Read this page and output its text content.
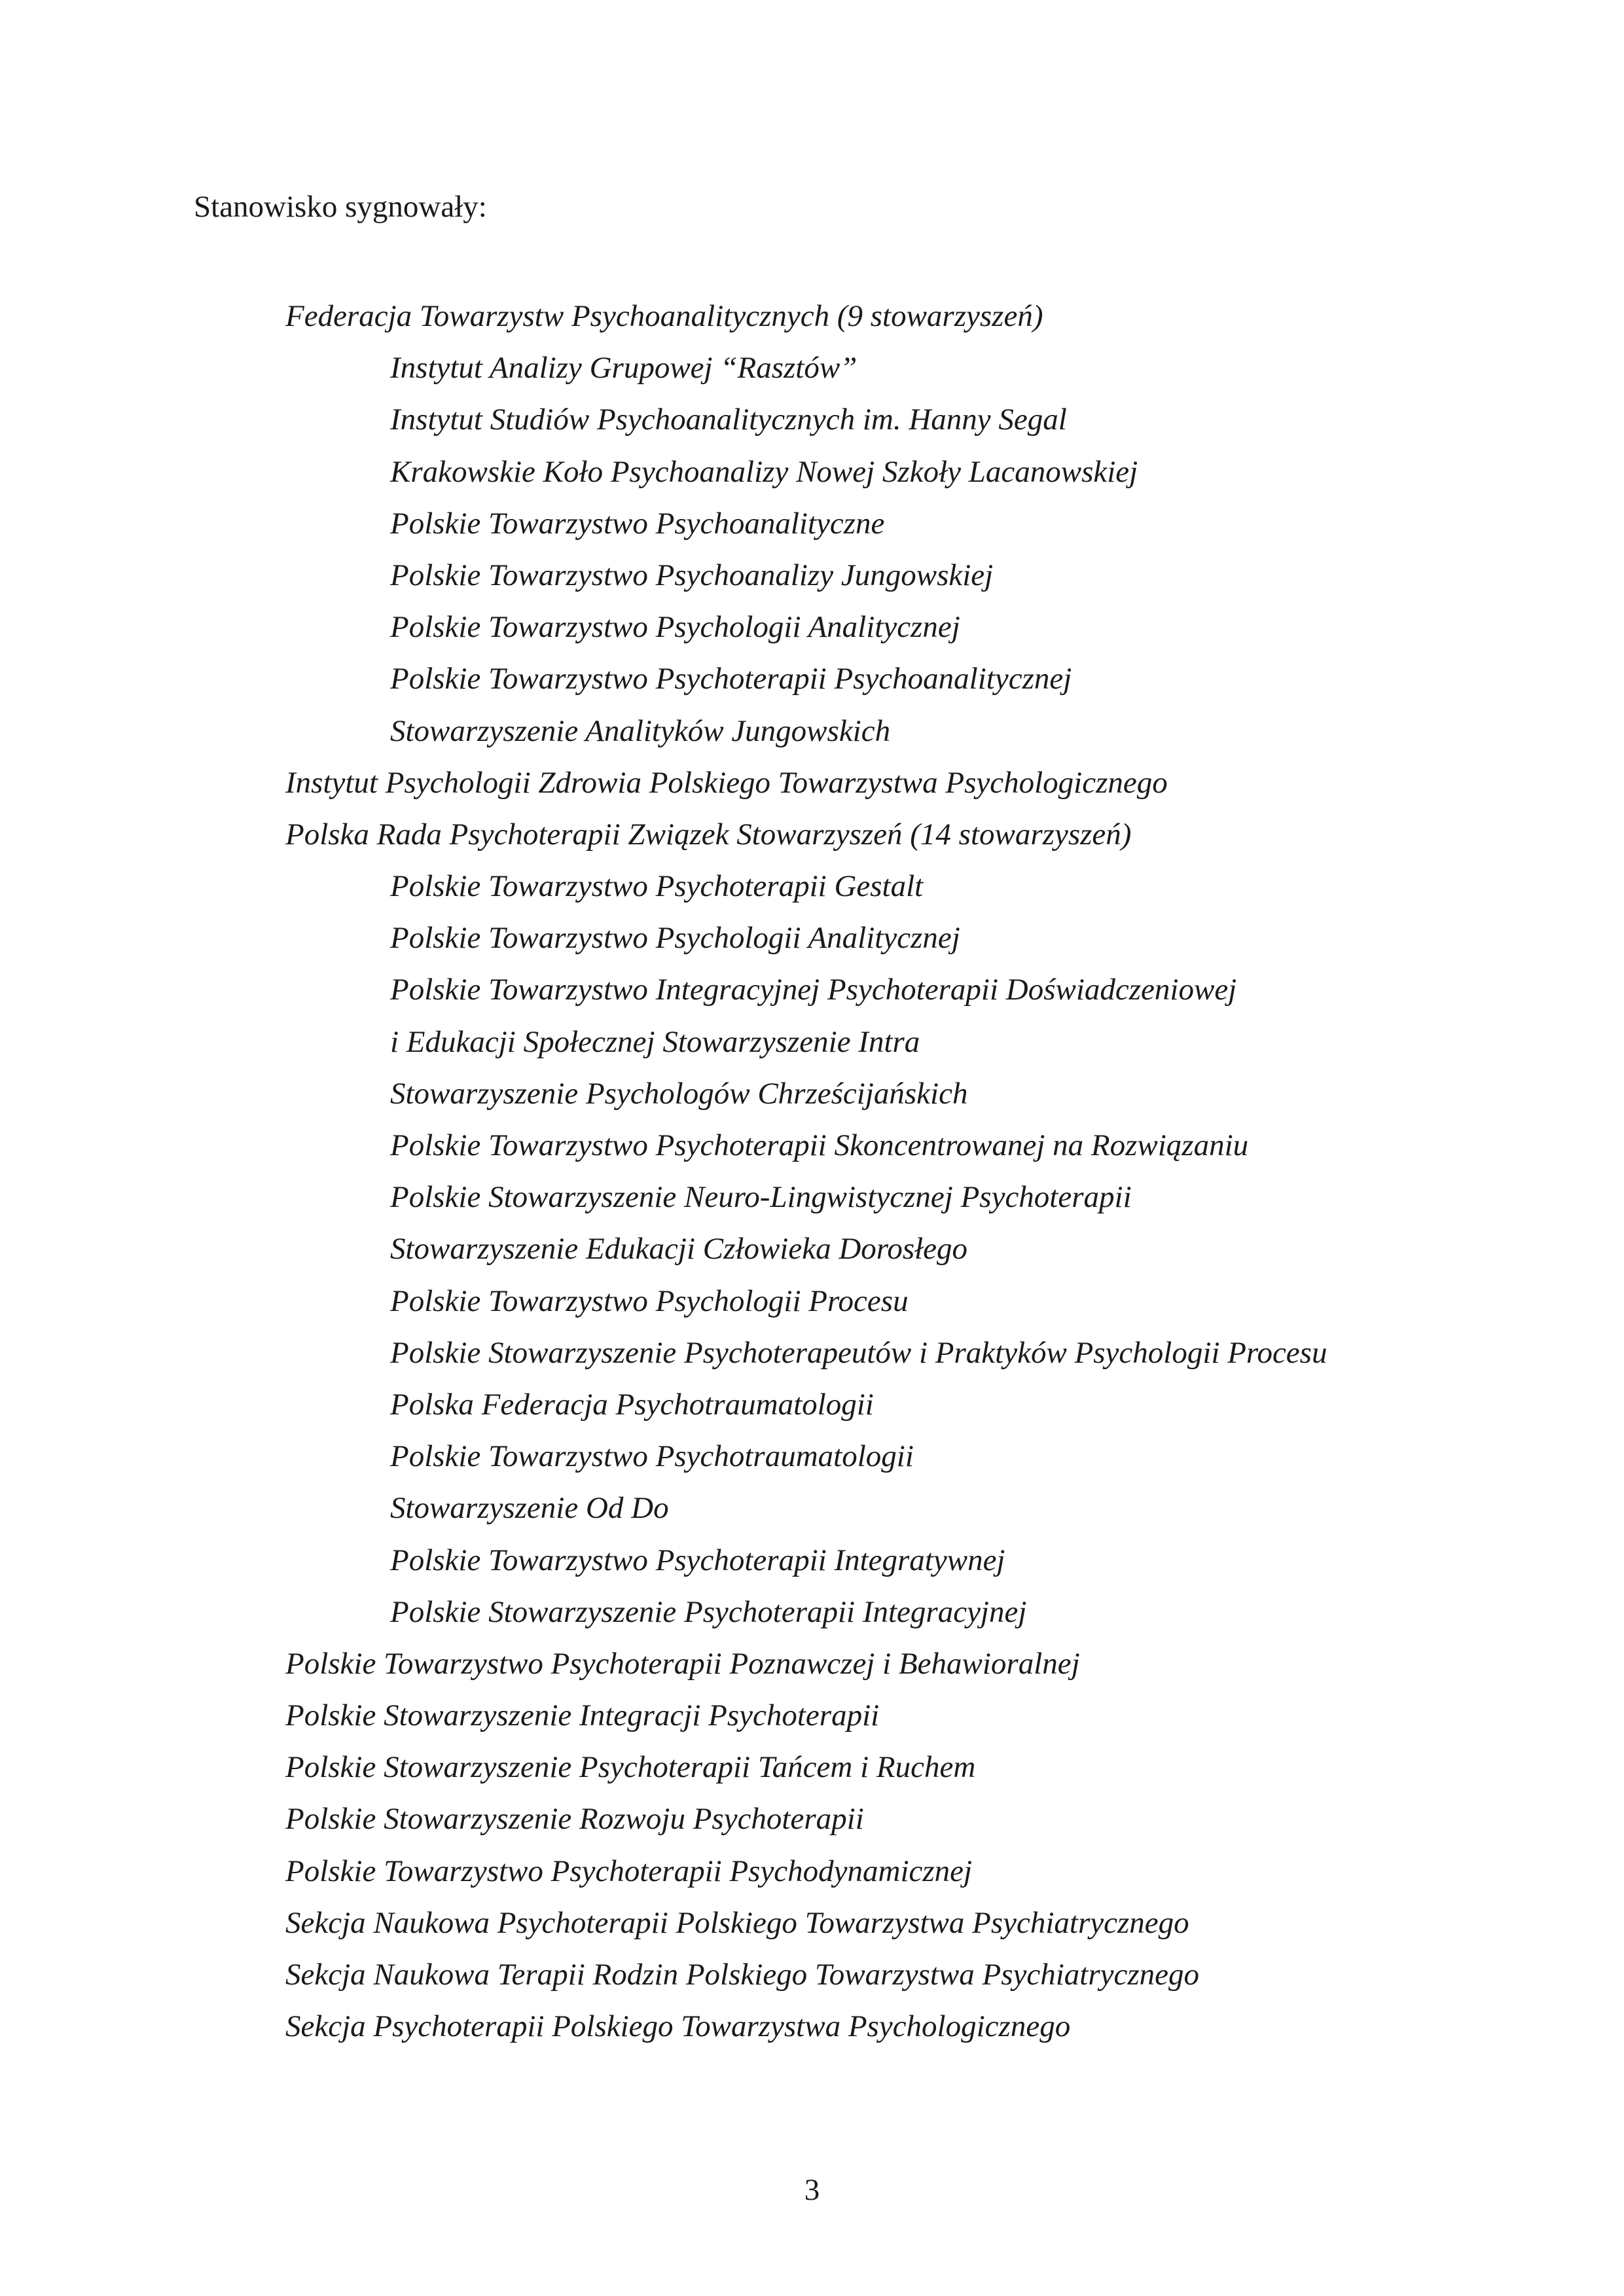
Stanowisko sygnowały:
Federacja Towarzystw Psychoanalitycznych (9 stowarzyszeń)
Instytut Analizy Grupowej “Rasztów”
Instytut Studiów Psychoanalitycznych im. Hanny Segal
Krakowskie Koło Psychoanalizy Nowej Szkoły Lacanowskiej
Polskie Towarzystwo Psychoanalityczne
Polskie Towarzystwo Psychoanalizy Jungowskiej
Polskie Towarzystwo Psychologii Analitycznej
Polskie Towarzystwo Psychoterapii Psychoanalitycznej
Stowarzyszenie Analityków Jungowskich
Instytut Psychologii Zdrowia Polskiego Towarzystwa Psychologicznego
Polska Rada Psychoterapii Związek Stowarzyszeń (14 stowarzyszeń)
Polskie Towarzystwo Psychoterapii Gestalt
Polskie Towarzystwo Psychologii Analitycznej
Polskie Towarzystwo Integracyjnej Psychoterapii Doświadczeniowej
i Edukacji Społecznej Stowarzyszenie Intra
Stowarzyszenie Psychologów Chrześcijańskich
Polskie Towarzystwo Psychoterapii Skoncentrowanej na Rozwiązaniu
Polskie Stowarzyszenie Neuro-Lingwistycznej Psychoterapii
Stowarzyszenie Edukacji Człowieka Dorosłego
Polskie Towarzystwo Psychologii Procesu
Polskie Stowarzyszenie Psychoterapeutów i Praktyków Psychologii Procesu
Polska Federacja Psychotraumatologii
Polskie Towarzystwo Psychotraumatologii
Stowarzyszenie Od Do
Polskie Towarzystwo Psychoterapii Integratywnej
Polskie Stowarzyszenie Psychoterapii Integracyjnej
Polskie Towarzystwo Psychoterapii Poznawczej i Behawioralnej
Polskie Stowarzyszenie Integracji Psychoterapii
Polskie Stowarzyszenie Psychoterapii Tańcem i Ruchem
Polskie Stowarzyszenie Rozwoju Psychoterapii
Polskie Towarzystwo Psychoterapii Psychodynamicznej
Sekcja Naukowa Psychoterapii Polskiego Towarzystwa Psychiatrycznego
Sekcja Naukowa Terapii Rodzin Polskiego Towarzystwa Psychiatrycznego
Sekcja Psychoterapii Polskiego Towarzystwa Psychologicznego
3
